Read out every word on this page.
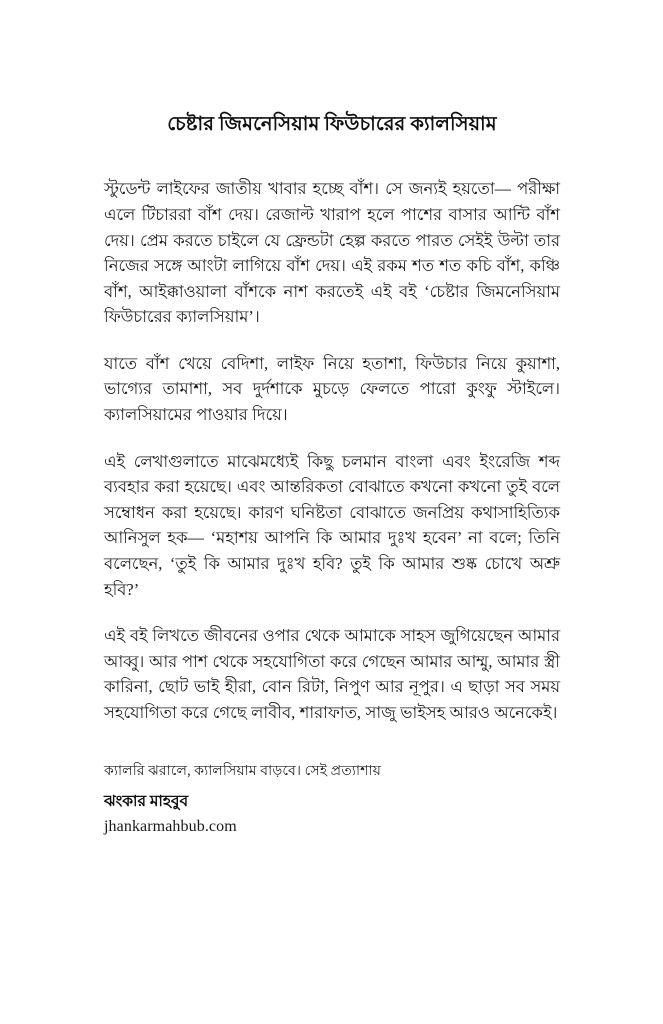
চেষ্টার জিমনেসিয়াম ফিউচারের ক্যালসিয়াম

স্টুডেন্ট লাইফের জাতীয় খাবার হচ্ছে বাঁশ। সে জন্যই হয়তো— পরীক্ষা এলে টিচাররা বাঁশ দেয়। রেজাল্ট খারাপ হলে পাশের বাসার আন্টি বাঁশ দেয়। প্রেম করতে চাইলে যে ফ্রেন্ডটা হেল্প করতে পারত সেইই উল্টা তার নিজের সঙ্গে আংটা লাগিয়ে বাঁশ দেয়। এই রকম শত শত কচি বাঁশ, কঞ্চি বাঁশ, আইক্কাওয়ালা বাঁশকে নাশ করতেই এই বই ‘চেষ্টার জিমনেসিয়াম ফিউচারের ক্যালসিয়াম’।

যাতে বাঁশ খেয়ে বেদিশা, লাইফ নিয়ে হতাশা, ফিউচার নিয়ে কুয়াশা, ভাগ্যের তামাশা, সব দুর্দশাকে মুচড়ে ফেলতে পারো কুংফু স্টাইলে। ক্যালসিয়ামের পাওয়ার দিয়ে।

এই লেখাগুলাতে মাঝেমধ্যেই কিছু চলমান বাংলা এবং ইংরেজি শব্দ ব্যবহার করা হয়েছে। এবং আন্তরিকতা বোঝাতে কখনো কখনো তুই বলে সম্বোধন করা হয়েছে। কারণ ঘনিষ্টতা বোঝাতে জনপ্রিয় কথাসাহিত্যিক আনিসুল হক— ‘মহাশয় আপনি কি আমার দুঃখ হবেন’ না বলে; তিনি বলেছেন, ‘তুই কি আমার দুঃখ হবি? তুই কি আমার শুষ্ক চোখে অশ্রু হবি?’

এই বই লিখতে জীবনের ওপার থেকে আমাকে সাহস জুগিয়েছেন আমার আব্বু। আর পাশ থেকে সহযোগিতা করে গেছেন আমার আম্মু, আমার স্ত্রী কারিনা, ছোট ভাই হীরা, বোন রিটা, নিপুণ আর নূপুর। এ ছাড়া সব সময় সহযোগিতা করে গেছে লাবীব, শারাফাত, সাজু ভাইসহ আরও অনেকেই।

ক্যালরি ঝরালে, ক্যালসিয়াম বাড়বে। সেই প্রত্যাশায়

ঝংকার মাহবুব

jhankarmahbub.com
